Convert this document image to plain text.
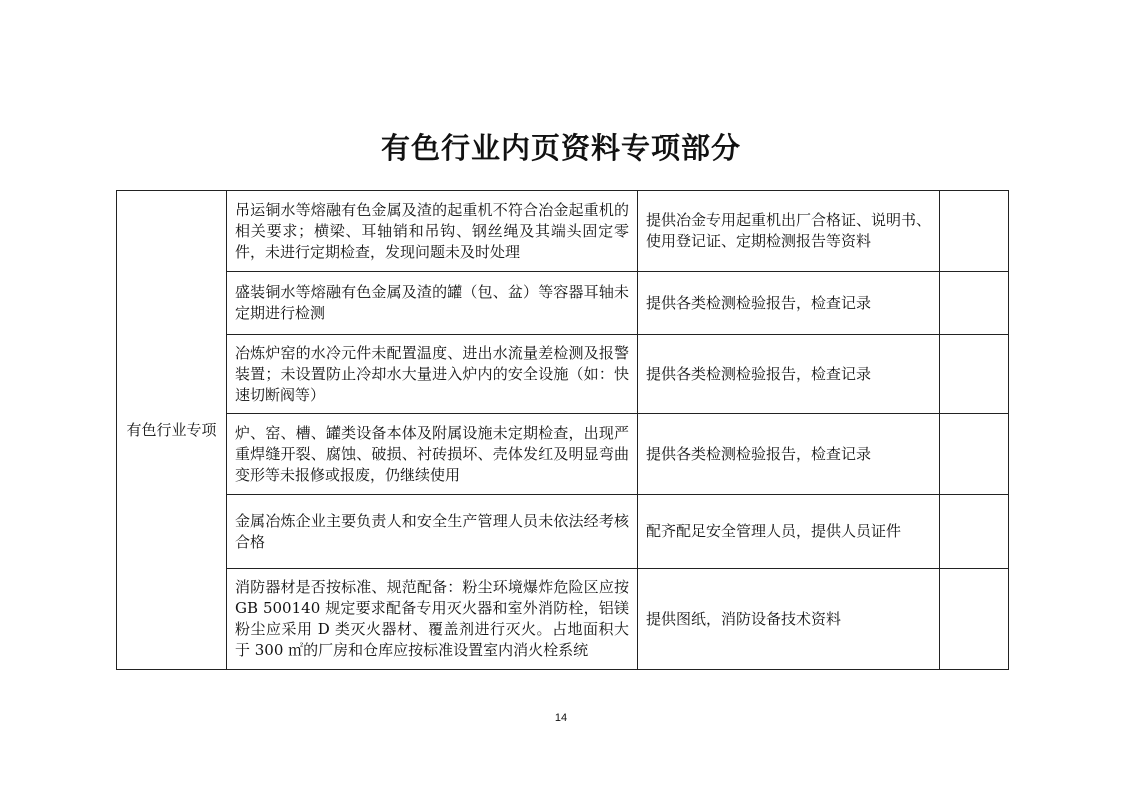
有色行业内页资料专项部分
有色行业专项	吊运铜水等熔融有色金属及渣的起重机不符合冶金起重机的相关要求；横梁、耳轴销和吊钩、钢丝绳及其端头固定零件，未进行定期检查，发现问题未及时处理	提供冶金专用起重机出厂合格证、说明书、使用登记证、定期检测报告等资料	
	盛装铜水等熔融有色金属及渣的罐（包、盆）等容器耳轴未定期进行检测	提供各类检测检验报告，检查记录	
	冶炼炉窑的水冷元件未配置温度、进出水流量差检测及报警装置；未设置防止冷却水大量进入炉内的安全设施（如：快速切断阀等）	提供各类检测检验报告，检查记录	
	炉、窑、槽、罐类设备本体及附属设施未定期检查，出现严重焊缝开裂、腐蚀、破损、衬砖损坏、壳体发红及明显弯曲变形等未报修或报废，仍继续使用	提供各类检测检验报告，检查记录	
	金属冶炼企业主要负责人和安全生产管理人员未依法经考核合格	配齐配足安全管理人员，提供人员证件	
	消防器材是否按标准、规范配备：粉尘环境爆炸危险区应按 GB 500140 规定要求配备专用灭火器和室外消防栓，铝镁粉尘应采用 D 类灭火器材、覆盖剂进行灭火。占地面积大于 300 ㎡的厂房和仓库应按标准设置室内消火栓系统	提供图纸，消防设备技术资料	
14
